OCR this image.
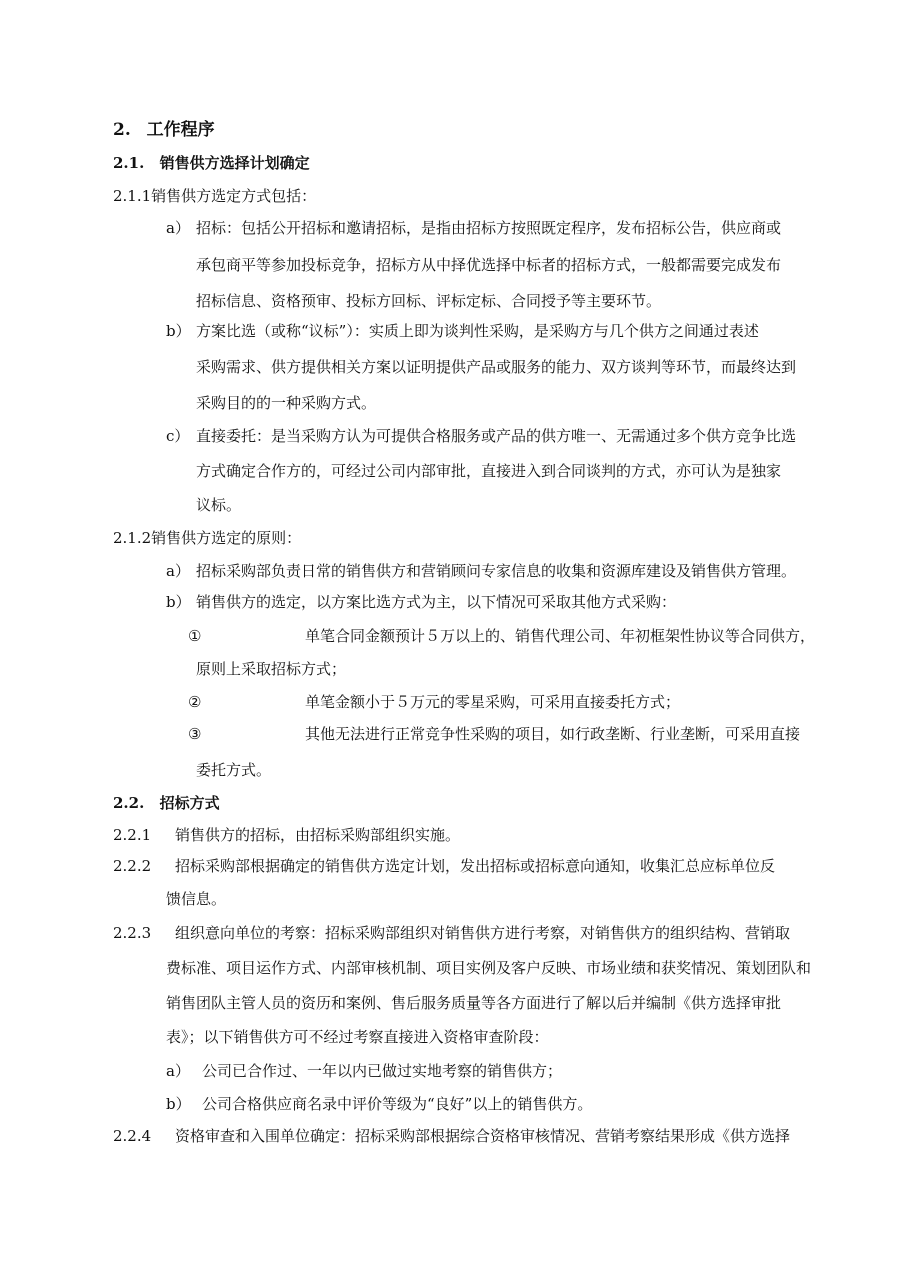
2. 工作程序
2.1. 销售供方选择计划确定
2.1.1销售供方选定方式包括：
a） 招标：包括公开招标和邀请招标，是指由招标方按照既定程序，发布招标公告，供应商或
承包商平等参加投标竞争，招标方从中择优选择中标者的招标方式，一般都需要完成发布
招标信息、资格预审、投标方回标、评标定标、合同授予等主要环节。
b） 方案比选（或称“议标”）：实质上即为谈判性采购，是采购方与几个供方之间通过表述
采购需求、供方提供相关方案以证明提供产品或服务的能力、双方谈判等环节，而最终达到
采购目的的一种采购方式。
c） 直接委托：是当采购方认为可提供合格服务或产品的供方唯一、无需通过多个供方竞争比选
方式确定合作方的，可经过公司内部审批，直接进入到合同谈判的方式，亦可认为是独家
议标。
2.1.2销售供方选定的原则：
a） 招标采购部负责日常的销售供方和营销顾问专家信息的收集和资源库建设及销售供方管理。
b） 销售供方的选定，以方案比选方式为主，以下情况可采取其他方式采购：
①	单笔合同金额预计５万以上的、销售代理公司、年初框架性协议等合同供方，
原则上采取招标方式；
②	单笔金额小于５万元的零星采购，可采用直接委托方式；
③	其他无法进行正常竞争性采购的项目，如行政垄断、行业垄断，可采用直接
委托方式。
2.2. 招标方式
2.2.1 销售供方的招标，由招标采购部组织实施。
2.2.2 招标采购部根据确定的销售供方选定计划，发出招标或招标意向通知，收集汇总应标单位反
馈信息。
2.2.3 组织意向单位的考察：招标采购部组织对销售供方进行考察，对销售供方的组织结构、营销取
费标准、项目运作方式、内部审核机制、项目实例及客户反映、市场业绩和获奖情况、策划团队和
销售团队主管人员的资历和案例、售后服务质量等各方面进行了解以后并编制《供方选择审批
表》；以下销售供方可不经过考察直接进入资格审查阶段：
a） 公司已合作过、一年以内已做过实地考察的销售供方；
b） 公司合格供应商名录中评价等级为“良好”以上的销售供方。
2.2.4 资格审查和入围单位确定：招标采购部根据综合资格审核情况、营销考察结果形成《供方选择
